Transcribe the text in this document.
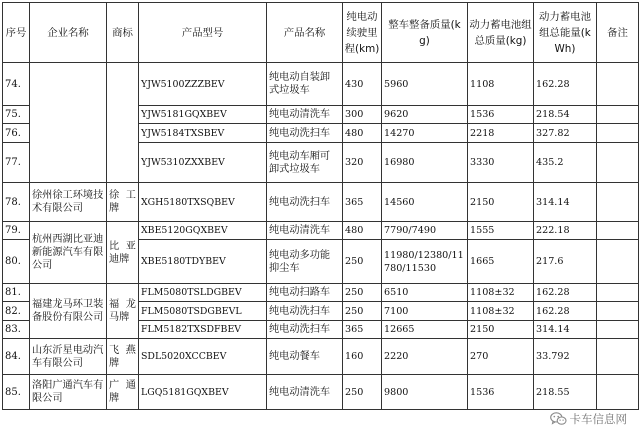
序号	企业名称	商标	产品型号	产品名称	纯电动续驶里程(km)	整车整备质量(kg)	动力蓄电池组总质量(kg)	动力蓄电池组总能量(kWh)	备注
74.			YJW5100ZZZBEV	纯电动自装卸式垃圾车	430	5960	1108	162.28	
75.			YJW5181GQXBEV	纯电动清洗车	300	9620	1536	218.54	
76.			YJW5184TXSBEV	纯电动洗扫车	480	14270	2218	327.82	
77.			YJW5310ZXXBEV	纯电动车厢可卸式垃圾车	320	16980	3330	435.2	
78.	徐州徐工环境技术有限公司	徐工牌	XGH5180TXSQBEV	纯电动洗扫车	365	14560	2150	314.14	
79.	杭州西湖比亚迪新能源汽车有限公司	比亚迪牌	XBE5120GQXBEV	纯电动清洗车	480	7790/7490	1555	222.18	
80.			XBE5180TDYBEV	纯电动多功能抑尘车	250	11980/12380/11780/11530	1665	217.6	
81.	福建龙马环卫装备股份有限公司	福龙马牌	FLM5080TSLDGBEV	纯电动扫路车	250	6510	1108±32	162.28	
82.			FLM5080TSDGBEVL	纯电动洗扫车	250	7100	1108±32	162.28	
83.			FLM5182TXSDFBEV	纯电动洗扫车	365	12665	2150	314.14	
84.	山东沂星电动汽车有限公司	飞燕牌	SDL5020XCCBEV	纯电动餐车	160	2220	270	33.792	
85.	洛阳广通汽车有限公司	广通牌	LGQ5181GQXBEV	纯电动清洗车	250	9800	1536	218.55	
卡车信息网
